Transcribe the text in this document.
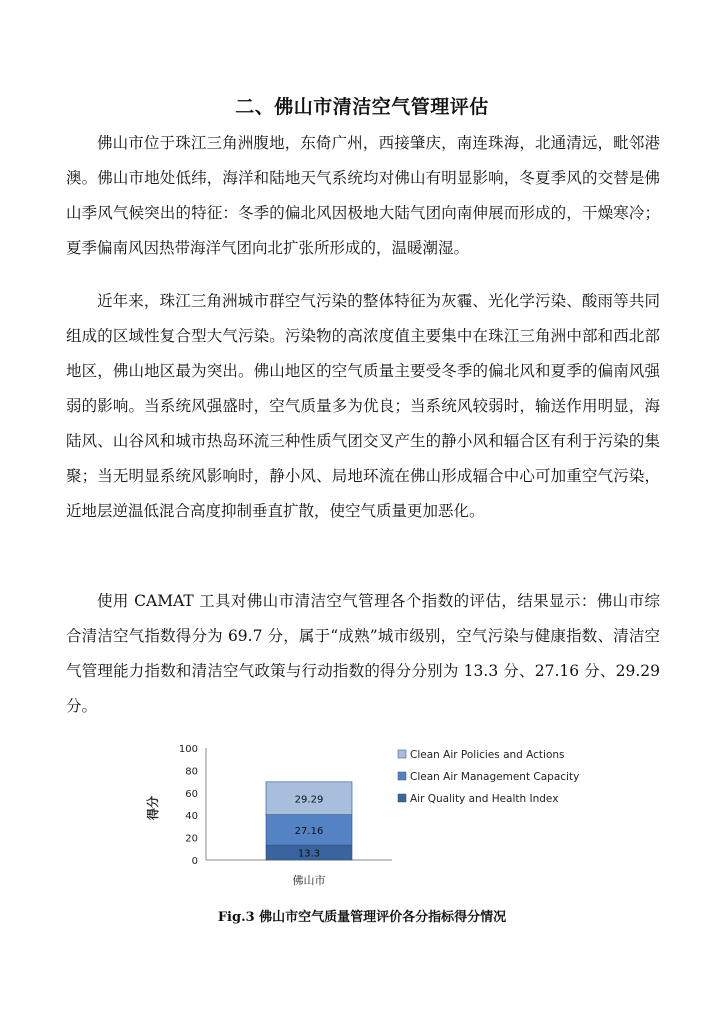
二、佛山市清洁空气管理评估

佛山市位于珠江三角洲腹地，东倚广州，西接肇庆，南连珠海，北通清远，毗邻港澳。佛山市地处低纬，海洋和陆地天气系统均对佛山有明显影响，冬夏季风的交替是佛山季风气候突出的特征：冬季的偏北风因极地大陆气团向南伸展而形成的，干燥寒冷；夏季偏南风因热带海洋气团向北扩张所形成的，温暖潮湿。

近年来，珠江三角洲城市群空气污染的整体特征为灰霾、光化学污染、酸雨等共同组成的区域性复合型大气污染。污染物的高浓度值主要集中在珠江三角洲中部和西北部地区，佛山地区最为突出。佛山地区的空气质量主要受冬季的偏北风和夏季的偏南风强弱的影响。当系统风强盛时，空气质量多为优良；当系统风较弱时，输送作用明显，海陆风、山谷风和城市热岛环流三种性质气团交叉产生的静小风和辐合区有利于污染的集聚；当无明显系统风影响时，静小风、局地环流在佛山形成辐合中心可加重空气污染，近地层逆温低混合高度抑制垂直扩散，使空气质量更加恶化。

使用 CAMAT 工具对佛山市清洁空气管理各个指数的评估，结果显示：佛山市综合清洁空气指数得分为 69.7 分，属于“成熟”城市级别，空气污染与健康指数、清洁空气管理能力指数和清洁空气政策与行动指数的得分分别为 13.3 分、27.16 分、29.29 分。

0
20
40
60
80
100
得分
13.3
27.16
29.29
佛山市
Clean Air Policies and Actions
Clean Air Management Capacity
Air Quality and Health Index
Fig.3 佛山市空气质量管理评价各分指标得分情况
